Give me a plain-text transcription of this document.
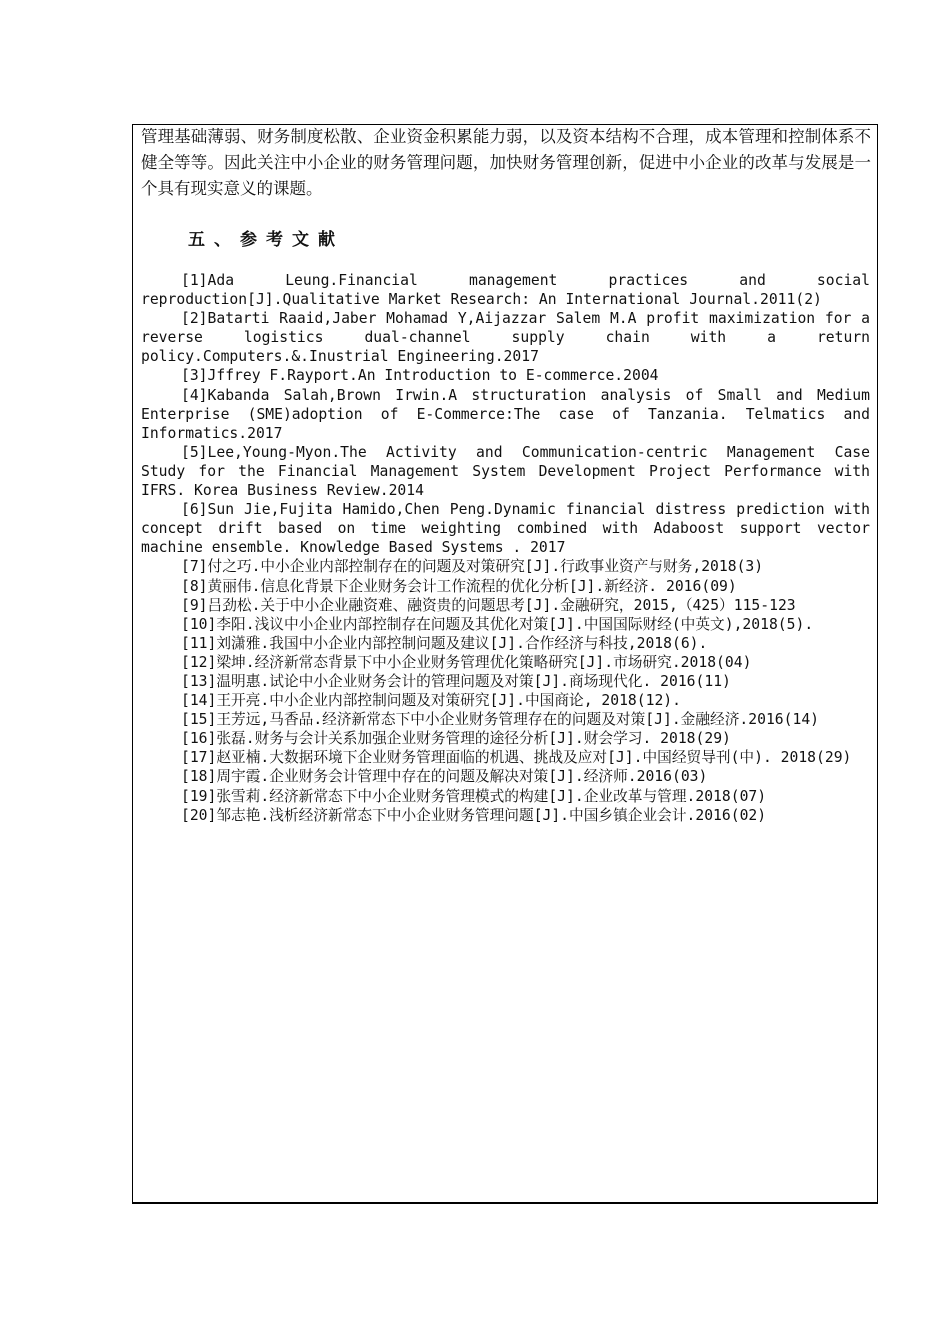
管理基础薄弱、财务制度松散、企业资金积累能力弱，以及资本结构不合理，成本管理和控制体系不健全等等。因此关注中小企业的财务管理问题，加快财务管理创新，促进中小企业的改革与发展是一个具有现实意义的课题。

五、参考文献

[1]Ada Leung.Financial management practices and social reproduction[J].Qualitative Market Research: An International Journal.2011(2)

[2]Batarti Raaid,Jaber Mohamad Y,Aijazzar Salem M.A profit maximization for a reverse logistics dual-channel supply chain with a return policy.Computers.&.Inustrial Engineering.2017

[3]Jffrey F.Rayport.An Introduction to E-commerce.2004

[4]Kabanda Salah,Brown Irwin.A structuration analysis of Small and Medium Enterprise (SME)adoption of E-Commerce:The case of Tanzania. Telmatics and Informatics.2017

[5]Lee,Young-Myon.The Activity and Communication-centric Management Case Study for the Financial Management System Development Project Performance with IFRS. Korea Business Review.2014

[6]Sun Jie,Fujita Hamido,Chen Peng.Dynamic financial distress prediction with concept drift based on time weighting combined with Adaboost support vector machine ensemble. Knowledge Based Systems . 2017

[7]付之巧.中小企业内部控制存在的问题及对策研究[J].行政事业资产与财务,2018(3)

[8]黄丽伟.信息化背景下企业财务会计工作流程的优化分析[J].新经济. 2016(09)

[9]吕劲松.关于中小企业融资难、融资贵的问题思考[J].金融研究，2015,（425）115-123

[10]李阳.浅议中小企业内部控制存在问题及其优化对策[J].中国国际财经(中英文),2018(5).

[11]刘潇雅.我国中小企业内部控制问题及建议[J].合作经济与科技,2018(6).

[12]梁坤.经济新常态背景下中小企业财务管理优化策略研究[J].市场研究.2018(04)

[13]温明惠.试论中小企业财务会计的管理问题及对策[J].商场现代化. 2016(11)

[14]王开亮.中小企业内部控制问题及对策研究[J].中国商论, 2018(12).

[15]王芳远,马香品.经济新常态下中小企业财务管理存在的问题及对策[J].金融经济.2016(14)

[16]张磊.财务与会计关系加强企业财务管理的途径分析[J].财会学习. 2018(29)

[17]赵亚楠.大数据环境下企业财务管理面临的机遇、挑战及应对[J].中国经贸导刊(中). 2018(29)

[18]周宇霞.企业财务会计管理中存在的问题及解决对策[J].经济师.2016(03)

[19]张雪莉.经济新常态下中小企业财务管理模式的构建[J].企业改革与管理.2018(07)

[20]邹志艳.浅析经济新常态下中小企业财务管理问题[J].中国乡镇企业会计.2016(02)
